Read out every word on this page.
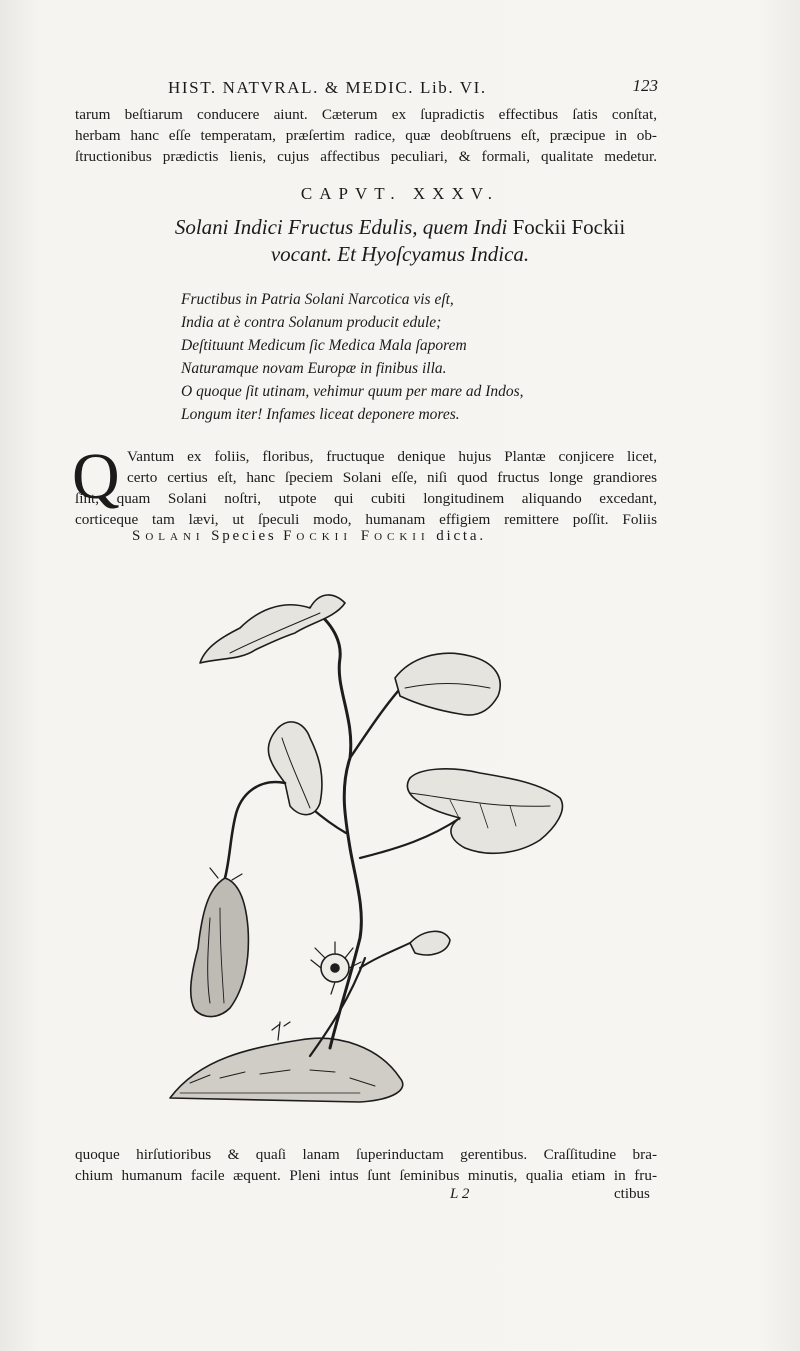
HIST. NATVRAL. & MEDIC. Lib. VI.	123
tarum beſtiarum conducere aiunt. Cæterum ex ſupradictis effectibus ſatis conſtat,
herbam hanc eſſe temperatam, præſertim radice, quæ deobſtruens eſt, præcipue in ob-
ſtructionibus prædictis lienis, cujus affectibus peculiari, & formali, qualitate medetur.
CAPVT. XXXV.
Solani Indici Fructus Edulis, quem Indi Fockii Fockii
vocant. Et Hyoſcyamus Indica.
Fructibus in Patria Solani Narcotica vis eſt,
India at è contra Solanum producit edule;
Deſtituunt Medicum ſic Medica Mala ſaporem
Naturamque novam Europæ in finibus illa.
O quoque ſit utinam, vehimur quum per mare ad Indos,
Longum iter! Infames liceat deponere mores.
Q Vantum ex foliis, floribus, fructuque denique hujus Plantæ conjicere licet,
certo certius eſt, hanc ſpeciem Solani eſſe, niſi quod fructus longe grandiores
ſint, quam Solani noſtri, utpote qui cubiti longitudinem aliquando excedant,
corticeque tam lævi, ut ſpeculi modo, humanam effigiem remittere poſſit. Foliis
Solani Species Fockii Fockii dicta.
quoque hirſutioribus & quaſi lanam ſuperinductam gerentibus. Craſſitudine bra-
chium humanum facile æquent. Pleni intus ſunt ſeminibus minutis, qualia etiam in fru-
L 2	ctibus
